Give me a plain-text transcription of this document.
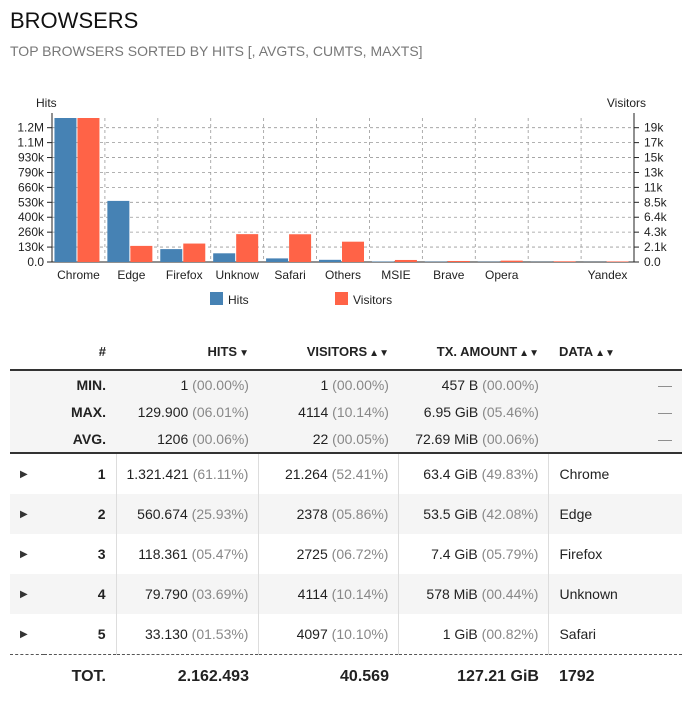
BROWSERS
TOP BROWSERS SORTED BY HITS [, AVGTS, CUMTS, MAXTS]
Hits	Visitors
0.0
130k
260k
400k
530k
660k
790k
930k
1.1M
1.2M
0.0
2.1k
4.3k
6.4k
8.5k
11k
13k
15k
17k
19k
Chrome Edge Firefox Unknow Safari Others MSIE Brave Opera	Yandex
Hits	Visitors
	#	HITS ▼	VISITORS ▲▼	TX. AMOUNT ▲▼	DATA ▲▼
MIN.		1 (00.00%)	1 (00.00%)	457 B (00.00%)	—
MAX.		129.900 (06.01%)	4114 (10.14%)	6.95 GiB (05.46%)	—
AVG.		1206 (00.06%)	22 (00.05%)	72.69 MiB (00.06%)	—
▶	1	1.321.421 (61.11%)	21.264 (52.41%)	63.4 GiB (49.83%)	Chrome
▶	2	560.674 (25.93%)	2378 (05.86%)	53.5 GiB (42.08%)	Edge
▶	3	118.361 (05.47%)	2725 (06.72%)	7.4 GiB (05.79%)	Firefox
▶	4	79.790 (03.69%)	4114 (10.14%)	578 MiB (00.44%)	Unknown
▶	5	33.130 (01.53%)	4097 (10.10%)	1 GiB (00.82%)	Safari
TOT.		2.162.493	40.569	127.21 GiB	1792
